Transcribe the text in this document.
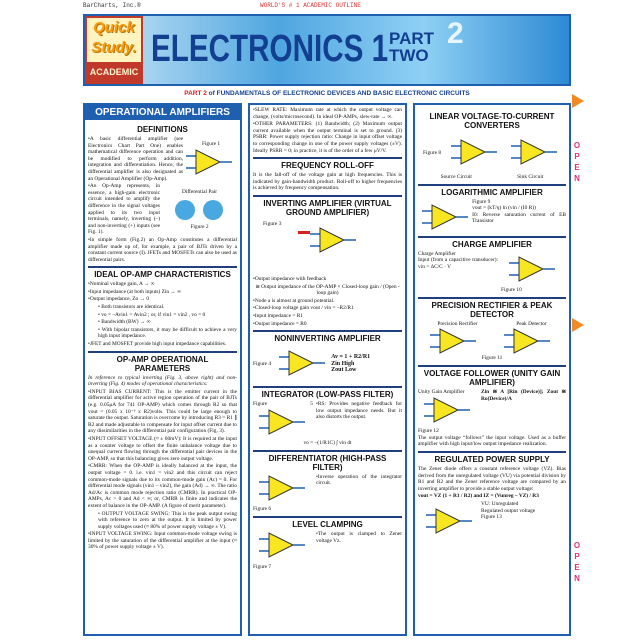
BarCharts, Inc.®	WORLD'S # 1 ACADEMIC OUTLINE
Quick
Study.
ACADEMIC
ELECTRONICS 1 PART
TWO
2
PART 2 of FUNDAMENTALS OF ELECTRONIC DEVICES AND BASIC ELECTRONIC CIRCUITS
O
P
E
N
O
P
E
N
OPERATIONAL AMPLIFIERS
DEFINITIONS

•A basic differential amplifier (see Electronics Chart Part One) enables mathematical difference operation and can be modified to perform addition, integration and differentiation. Hence, the differential amplifier is also designated as an Operational Amplifier (Op-Amp).

Figure 1

•An Op-Amp represents, in essence, a high-gain electronic circuit intended to amplify the difference in the signal voltages applied to its two input terminals, namely, inverting (–) and non-inverting (+) inputs (see Fig. 1).

Differential Pair
Figure 2

•In simple form (Fig.2) an Op-Amp constitutes a differential amplifier made up of, for example, a pair of BJTs driven by a constant current source (I). JFETs and MOSFETs can also be used as differential pairs.

IDEAL OP-AMP CHARACTERISTICS

•Nominal voltage gain, A → ∞

•Input impedance (at both inputs) Zin → ∞

•Output impedance, Zo → 0

• Both transistors are identical.

• vo = –Avin1 = Avin2 ; or, if vin1 = vin2 , vo = 0

• Bandwidth (BW) → ∞

• With bipolar transistors, it may be difficult to achieve a very high input impedance.

•JFET and MOSFET provide high input impedance capabilities.

OP-AMP OPERATIONAL PARAMETERS

In reference to typical inverting (Fig. 3, above right) and non-inverting (Fig. 4) modes of operational characteristics:

•INPUT BIAS CURRENT: This is the emitter current in the differential amplifier for active region operation of the pair of BJTs (e.g. 0.05μA for 741 OP-AMP) which comes through R2 so that vout = (0.05 x 10⁻⁶ x R2)volts. This could be large enough to saturate the output. Saturation is overcome by introducing R3 = R1 ∥ R2 and made adjustable to compensate for input offset current due to any dissimilarities in the differential pair configuration (Fig. 3).

•INPUT OFFSET VOLTAGE (≈ ± 60mV): It is required at the input as a counter voltage to offset the finite unbalance voltage due to unequal current flowing through the differential pair devices in the OP-AMP, so that this balancing gives zero output voltage.

•CMRR: When the OP-AMP is ideally balanced at the input, the output voltage = 0. i.e. vin1 = vin2 and this circuit can reject common-mode signals due to its common-mode gain (Ac) = 0. For differential mode signals (vin1 – vin2), the gain (Ad) → ∞. The ratio Ad/Ac is common mode rejection ratio (CMRR). In practical OP-AMPs, Ac > 0 and Ad < ∞; or, CMRR is finite and indicates the extent of balance in the OP-AMP. (A figure of merit parameter).

• OUTPUT VOLTAGE SWING: This is the peak output swing with reference to zero at the output. It is limited by power supply voltages used (≈ 80% of power supply voltage ± V).

•INPUT VOLTAGE SWING: Input common-mode voltage swing is limited by the saturation of the differential amplifier at the input (≈ 30% of power supply voltage ± V).

•SLEW RATE: Maximum rate at which the output voltage can change, (volts/microsecond). In ideal OP-AMPs, slew-rate → ∞.

•OTHER PARAMETERS: (1) Bandwidth; (2) Maximum output current available when the output terminal is set to ground. (3) PSRR: Power supply rejection ratio: Change in input offset voltage to corresponding change in one of the power supply voltages (±V). Ideally PSRR = 0; in practice, it is of the order of a few μV/V.

FREQUENCY ROLL-OFF

It is the fall-off of the voltage gain at high frequencies. This is indicated by gain-bandwidth product. Roll-off to higher frequencies is achieved by frequency compensation.

INVERTING AMPLIFIER (VIRTUAL GROUND AMPLIFIER)
Figure 3

•Output impedance with feedback

≅ Output impedance of the OP-AMP × Closed-loop gain / (Open - loop gain)

•Node a is almost at ground potential.

•Closed-loop voltage gain vout / vin = –R2/R1

•Input impedance = R1

•Output impedance = R0

NONINVERTING AMPLIFIER
Figure 4
Av = 1 + R2/R1
Zin High
Zout Low
INTEGRATOR (LOW-PASS FILTER)
Figure 5 •RS: Provides negative feedback for low output impedance needs. But it also distorts the output.

vo = –(1/R1C) ∫ vin dt

DIFFERENTIATOR (HIGH-PASS FILTER)
Figure 6

•Inverse operation of the integrator circuit.

LEVEL CLAMPING
Figure 7

•The output is clamped to Zener voltage Vz.

LINEAR VOLTAGE-TO-CURRENT CONVERTERS
Figure 8
Source Circuit	Sink Circuit
LOGARITHMIC AMPLIFIER
Figure 9
vout = (kT/q) ln (vin / (I0 R))
I0: Reverse saturation current of EB Transistor
CHARGE AMPLIFIER
Charge Amplifier
Input (from a capacitive transducer): vin = ΔC/C · V
Figure 10
PRECISION RECTIFIER & PEAK DETECTOR
Precision Rectifier	Peak Detector
Figure 11
VOLTAGE FOLLOWER (UNITY GAIN AMPLIFIER)
Unity Gain Amplifier
Figure 12
Zin ≅ A [Rin (Device)]; Zout ≅ Ro(Device)/A

The output voltage “follows” the input voltage. Used as a buffer amplifier with high input/low output impedance realization.

REGULATED POWER SUPPLY

The Zener diode offers a constant reference voltage (VZ). Bias derived from the unregulated voltage (VU) via potential division by R1 and R2 and the Zener reference voltage are compared by an inverting amplifier to provide a stable output voltage:

vout = VZ (1 + R1 / R2) and IZ = (Vunreg – VZ) / R3

VU: Unregulated
Regulated output voltage
Figure 13
